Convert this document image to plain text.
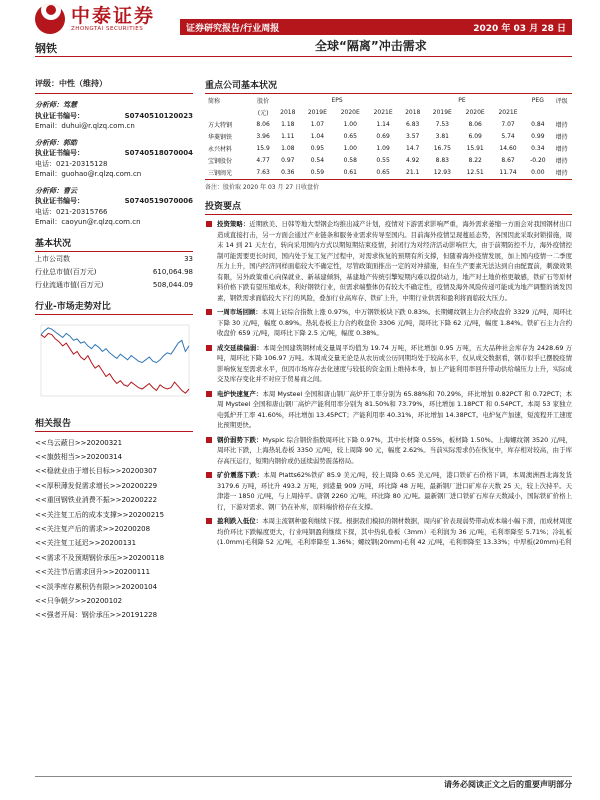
中泰证券
ZHONGTAI SECURITIES	证券研究报告/行业周报	2020 年 03 月 28 日
钢铁	全球“隔离”冲击需求
评级：中性（维持）
分析师：笃慧
执业证书编号：	S0740510120023
Email：duhui@r.qlzq.com.cn
分析师：郭皓
执业证书编号：	S0740518070004
电话：021-20315128
Email：guohao@r.qlzq.com.cn
分析师：曹云
执业证书编号：	S0740519070006
电话：021-20315766
Email：caoyun@r.qlzq.com.cn
基本状况
上市公司数	33
行业总市值(百万元)	610,064.98
行业流通市值(百万元)	508,044.09
行业-市场走势对比
相关报告
<<乌云蔽日>>20200321
<<旗鼓相当>>20200314
<<稳就业由于增长目标>>20200307
<<厚积薄发促需求增长>>20200229
<<重回钢铁业消费不振>>20200222
<<关注复工后的成本支撑>>20200215
<<关注复产后的需求>>20200208
<<关注复工延迟>>20200131
<<需求不及预期钢价承压>>20200118
<<关注节后需求回升>>20200111
<<淡季库存累积仍有限>>20200104
<<只争朝夕>>20200102
<<强者开局：钢价承压>>20191228
重点公司基本状况
简称	股价	EPS				PE				PEG	评级
	(元)	2018	2019E	2020E	2021E	2018	2019E	2020E	2021E		
方大特钢	8.06	1.18	1.07	1.00	1.14	6.83	7.53	8.06	7.07	0.84	增持
华菱钢铁	3.96	1.11	1.04	0.65	0.69	3.57	3.81	6.09	5.74	0.99	增持
永兴材料	15.9	1.08	0.95	1.00	1.09	14.7	16.75	15.91	14.60	0.34	增持
宝钢股份	4.77	0.97	0.54	0.58	0.55	4.92	8.83	8.22	8.67	-0.20	增持
三钢闽光	7.63	0.36	0.59	0.61	0.65	21.1	12.93	12.51	11.74	0.00	增持
备注：股价取 2020 年 03 月 27 日收盘价
投资要点
投资策略：近期欧美、日韩等地大型钢企均推出减产计划，疫情对下游需求影响严重，海外需求萎缩一方面会对我国钢材出口造成直接打击，另一方面会通过产业链条和服务业需求传导至国内。目前海外疫情呈现蔓延态势，各国因此采取封锁措施，周末 14 到 21 天左右，转向采用国内方式以期短期结束疫情，封闭行为对经济活动影响巨大，由于前期防控不力，海外疫情控制可能需要更长时间，国内处于复工复产过程中，对需求恢复的预期有所支撑，但随着海外疫情发展，加上国内疫情一二季度压力上升，国内经济同样面临较大不确定性，尽管政策面推出一定的对冲措施，但在生产要素无法达到自由配置前，刺激效果有限，另外政策重心向保就业、新基建倾斜，基建地产传统引擎短期内难以提供动力，地产对土地价格更敏感，铁矿石等原材料价格下跌有望压缩成本，利好钢铁行业，但需求端整体仍有较大不确定性，疫情及海外风险传递可能成为地产调整的诱发因素，钢铁需求面临较大下行的风险，叠加行业高库存、铁矿上升，中期行业供需和盈利将面临较大压力。
一周市场回顾：本周上证综合指数上涨 0.97%，中万钢铁板块下跌 0.83%。长期螺纹钢主力合约收盘价 3329 元/吨，周环比下降 30 元/吨，幅度 0.89%。热轧卷板主力合约收盘价 3306 元/吨，周环比下降 62 元/吨，幅度 1.84%。铁矿石主力合约收盘价 659 元/吨，周环比下降 2.5 元/吨，幅度 0.38%。
成交延续偏弱：本周全国建筑钢材成交量周平均值为 19.74 万吨，环比增加 0.95 万吨，五大品种社会库存为 2428.69 万吨，周环比下降 106.97 万吨。本周成交量无论是从农历或公历同期均处于较高水平，仅从成交数据看，钢市似乎已摆脱疫情影响恢复至需求水平，但因市场库存去化速度与较低的资金面上维持本身，加上产能利用率回升带动供给端压力上升，实际成交及库存变化并不对应于贸易商之间。
电炉快速复产：本周 Mysteel 全国和唐山钢厂高炉开工率分别为 65.88%和 70.29%，环比增加 0.82PCT 和 0.72PCT；本周 Mysteel 全国和唐山钢厂高炉产能利用率分别为 81.50%和 73.79%，环比增加 1.18PCT 和 0.54PCT。本周 53 家独立电弧炉开工率 41.60%，环比增加 13.45PCT；产能利用率 40.31%，环比增加 14.38PCT。电炉复产加速，短流程开工速度比预期更快。
钢价弱势下跌：Myspic 综合钢价指数周环比下降 0.97%，其中长材降 0.55%，板材降 1.50%。上海螺纹钢 3520 元/吨，周环比下跌，上海热轧卷板 3350 元/吨，较上周降 90 元，幅度 2.62%。当前实际需求仍在恢复中，库存相对较高，由于库存高压运行，短期内钢价或仍延续弱势震荡格局。
矿价震荡下跌：本周 Platts62%铁矿 85.9 美元/吨，较上周降 0.65 美元/吨，港口铁矿石价格下调，本周澳洲西北海发货 3179.6 万吨，环比升 493.2 万吨，到港量 909 万吨，环比降 48 万吨，最新钢厂进口矿库存天数 25 天，较上次持平。天津港一 1850 元/吨，与上周持平。唐钢 2260 元/吨，环比降 80 元/吨。最新钢厂进口铁矿石库存天数减小，国际铁矿价格上行，下游对需求、钢厂仍在补库，原料端价格存在支撑。
盈利跌入低位：本周主流钢种盈利继续下探。根据我们模拟的钢材数据，周内矿价表现弱势带动成本端小幅下滑，而成材周度均价环比下跌幅度更大，行业吨钢盈利继续下探，其中热轧卷板（3mm）毛利润为 36 元/吨，毛利率降至 5.71%；冷轧板(1.0mm)毛利降 52 元/吨，毛利率降至 1.36%；螺纹钢(20mm)毛利 42 元/吨，毛利率降至 13.33%；中厚板(20mm)毛利
请务必阅读正文之后的重要声明部分
